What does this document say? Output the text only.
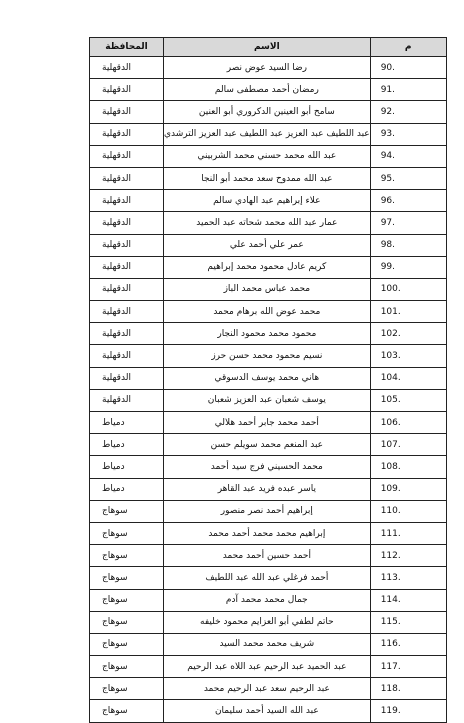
م	الاسم	المحافظة
90.	رضا السيد عوض نصر	الدقهلية
91.	رمضان أحمد مصطفى سالم	الدقهلية
92.	سامح أبو العينين الدكروري أبو العنين	الدقهلية
93.	عبد اللطيف عبد العزيز عبد اللطيف عبد العزيز الترشدي	الدقهلية
94.	عبد الله محمد حسني محمد الشربيني	الدقهلية
95.	عبد الله ممدوح سعد محمد أبو النجا	الدقهلية
96.	علاء إبراهيم عبد الهادي سالم	الدقهلية
97.	عمار عبد الله محمد شحاته عبد الحميد	الدقهلية
98.	عمر علي أحمد علي	الدقهلية
99.	كريم عادل محمود محمد إبراهيم	الدقهلية
100.	محمد عباس محمد الباز	الدقهلية
101.	محمد عوض الله برهام محمد	الدقهلية
102.	محمود محمد محمود النجار	الدقهلية
103.	نسيم محمود محمد حسن حرز	الدقهلية
104.	هاني محمد يوسف الدسوقي	الدقهلية
105.	يوسف شعبان عبد العزيز شعبان	الدقهلية
106.	أحمد محمد جابر أحمد هلالي	دمياط
107.	عبد المنعم محمد سويلم حسن	دمياط
108.	محمد الحسيني فرج سيد أحمد	دمياط
109.	ياسر عبده فريد عبد القاهر	دمياط
110.	إبراهيم أحمد نصر منصور	سوهاج
111.	إبراهيم محمد محمد أحمد محمد	سوهاج
112.	أحمد حسين أحمد محمد	سوهاج
113.	أحمد فرغلي عبد الله عبد اللطيف	سوهاج
114.	جمال محمد محمد آدم	سوهاج
115.	حاتم لطفي أبو العزايم محمود خليفه	سوهاج
116.	شريف محمد محمد السيد	سوهاج
117.	عبد الحميد عبد الرحيم عبد اللاه عبد الرحيم	سوهاج
118.	عبد الرحيم سعد عبد الرحيم محمد	سوهاج
119.	عبد الله السيد أحمد سليمان	سوهاج
